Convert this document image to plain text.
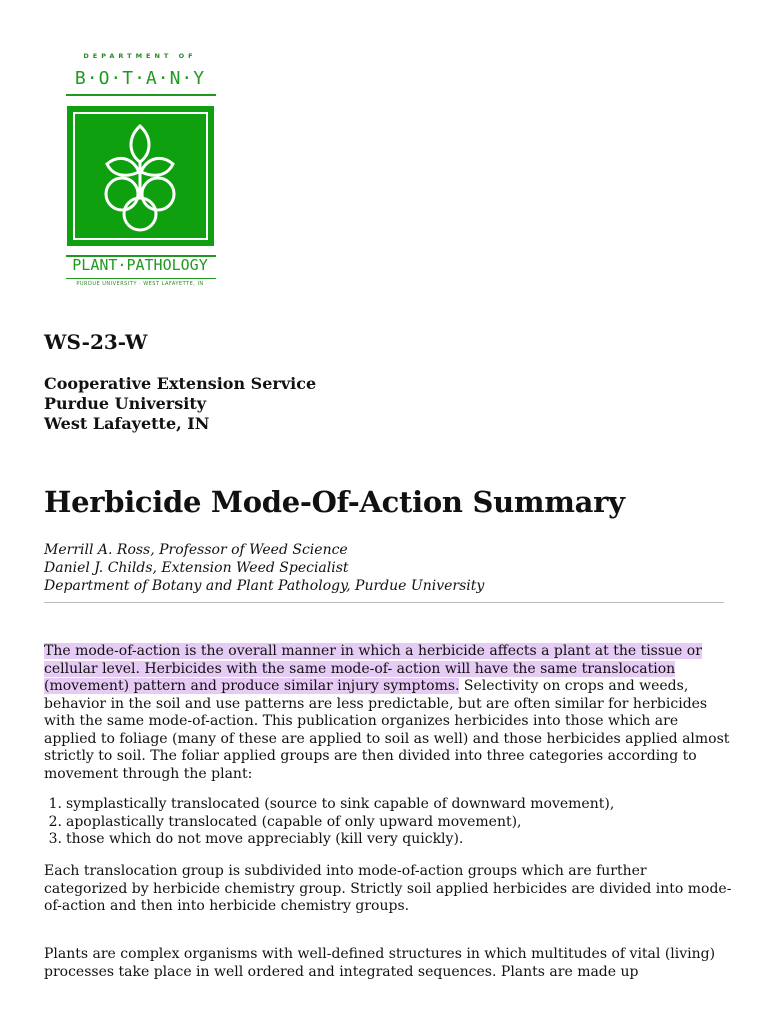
DEPARTMENT OF
B·O·T·A·N·Y
PLANT·PATHOLOGY
PURDUE UNIVERSITY · WEST LAFAYETTE, IN
WS-23-W
Cooperative Extension Service
Purdue University
West Lafayette, IN
Herbicide Mode-Of-Action Summary
Merrill A. Ross, Professor of Weed Science
Daniel J. Childs, Extension Weed Specialist
Department of Botany and Plant Pathology, Purdue University

The mode-of-action is the overall manner in which a herbicide affects a plant at the tissue or cellular level. Herbicides with the same mode-of- action will have the same translocation (movement) pattern and produce similar injury symptoms. Selectivity on crops and weeds, behavior in the soil and use patterns are less predictable, but are often similar for herbicides with the same mode-of-action. This publication organizes herbicides into those which are applied to foliage (many of these are applied to soil as well) and those herbicides applied almost strictly to soil. The foliar applied groups are then divided into three categories according to movement through the plant:

1. symplastically translocated (source to sink capable of downward movement),
2. apoplastically translocated (capable of only upward movement),
3. those which do not move appreciably (kill very quickly).

Each translocation group is subdivided into mode-of-action groups which are further categorized by herbicide chemistry group. Strictly soil applied herbicides are divided into mode-of-action and then into herbicide chemistry groups.

Plants are complex organisms with well-defined structures in which multitudes of vital (living) processes take place in well ordered and integrated sequences. Plants are made up
